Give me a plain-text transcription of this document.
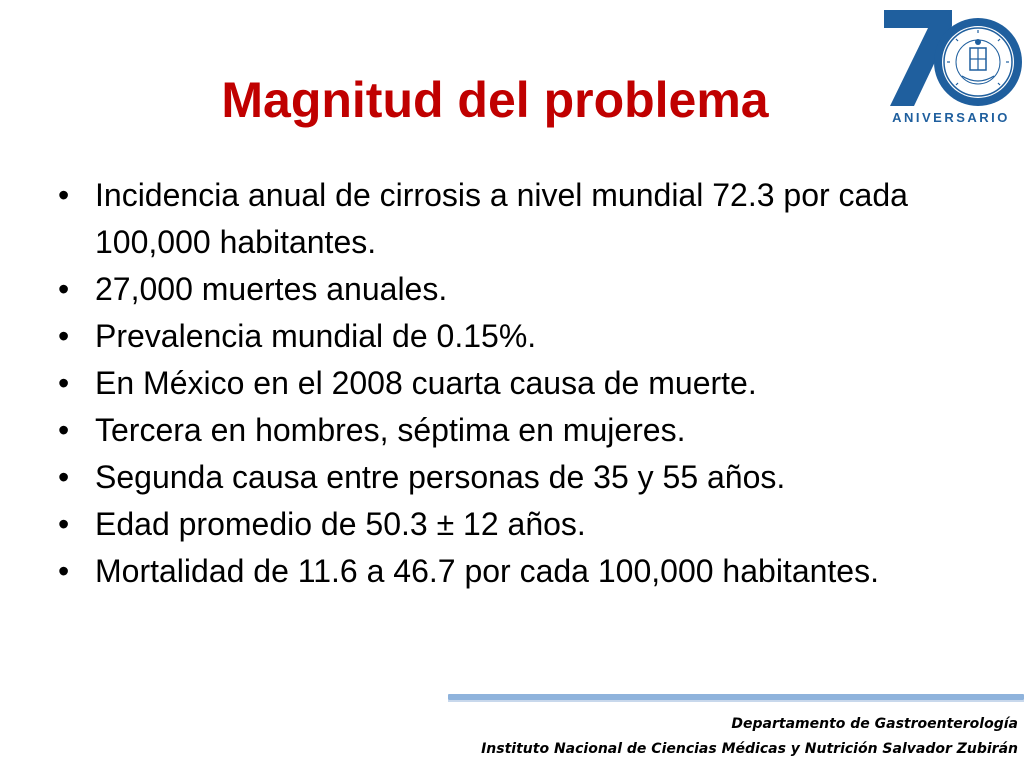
Magnitud del problema	ANIVERSARIO
• Incidencia anual de cirrosis a nivel mundial 72.3 por cada 100,000 habitantes.
• 27,000 muertes anuales.
• Prevalencia mundial de 0.15%.
• En México en el 2008 cuarta causa de muerte.
• Tercera en hombres, séptima en mujeres.
• Segunda causa entre personas de 35 y 55 años.
• Edad promedio de 50.3 ± 12 años.
• Mortalidad de 11.6 a 46.7 por cada 100,000 habitantes.
Departamento de Gastroenterología
Instituto Nacional de Ciencias Médicas y Nutrición Salvador Zubirán
